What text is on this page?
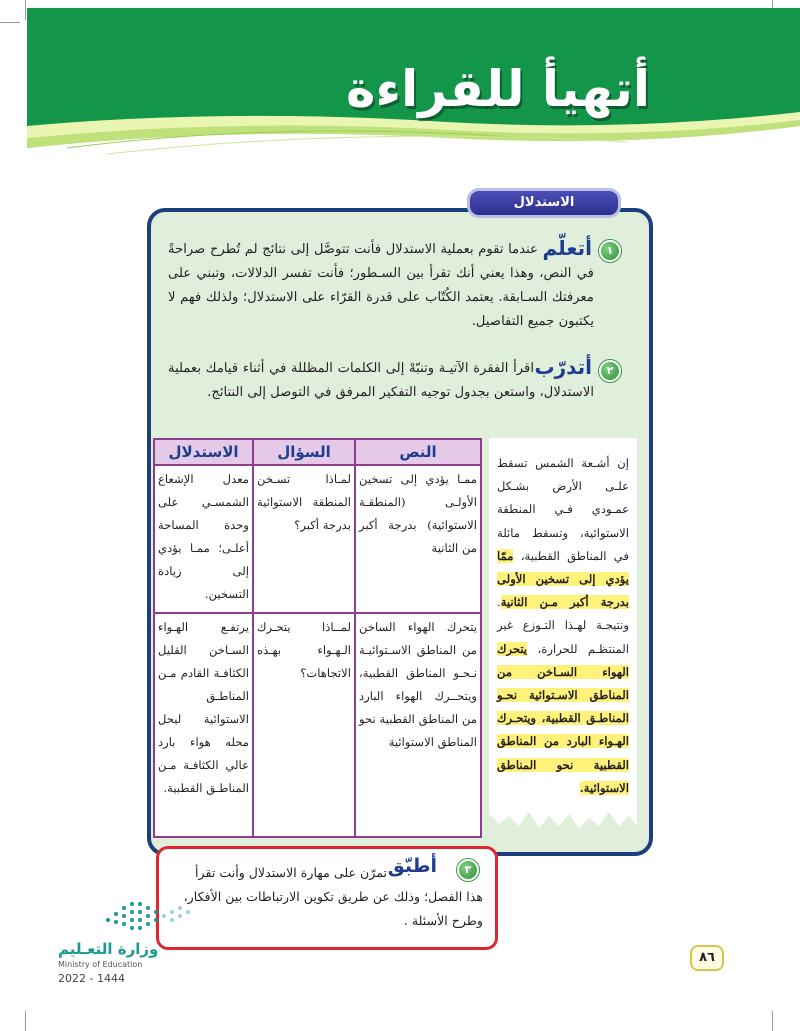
أتهيأ للقراءة
الاستدلال
١
أتعلّم
عندما تقوم بعملية الاستدلال فأنت تتوصَّل إلى نتائج لم تُطرح صراحةً في النص، وهذا يعني أنك تقرأ بين السـطور؛ فأنت تفسر الدلالات، وتبني على معرفتك السـابقة. يعتمد الكُتّاب على قدرة القرّاء على الاستدلال؛ ولذلك فهم لا يكتبون جميع التفاصيل.
٢
أتدرّب
اقرأ الفقرة الآتيـة وتنبّهْ إلى الكلمات المظللة في أثناء قيامك بعملية الاستدلال، واستعن بجدول توجيه التفكير المرفق في التوصل إلى النتائج.
النص	السؤال	الاستدلال
ممـا يؤدي إلى تسخين الأولـى (المنطقـة الاستوائية) بدرجة أكبر من الثانية	لمـاذا تسـخن المنطقة الاستوائية بدرجة أكبر؟	معدل الإشعاع الشمسـي على وحدة المساحة أعلـى؛ ممـا يؤدي إلى زيادة التسخين.
يتحرك الهواء الساخن من المناطق الاسـتوائيـة نـحـو المناطق القطبية، ويتحــرك الهواء البارد من المناطق القطبية نحو المناطق الاستوائية	لمــاذا يتحـرك الـهـواء بهـذه الاتجاهات؟	يرتفـع الهـواء السـاخن القليل الكثافـة القادم مـن المناطـق الاستوائية ليحل محله هواء بارد عالي الكثافـة مـن المناطـق القطبية.
إن أشـعة الشمس تسقط علـى الأرض بشـكل عمـودي فـي المنطقة الاستوائية، وتسقط مائلة في المناطق القطبية، ممّا يؤدي إلى تسخين الأولى بدرجة أكبر مـن الثانية. ونتيجـة لهـذا التـوزع غير المنتظـم للحرارة، يتحرك الهواء السـاخن من المناطق الاسـتوائية نحـو المناطـق القطبية، ويتحـرك الهـواء البارد من المناطق القطبية نحو المناطق الاستوائية.
تمرّن على مهارة الاستدلال وأنت تقرأ هذا الفصل؛ وذلك عن طريق تكوين الارتباطات بين الأفكار، وطرح الأسئلة .
أطبّق	٣
وزارة التعـليم
Ministry of Education
2022 - 1444
٨٦
